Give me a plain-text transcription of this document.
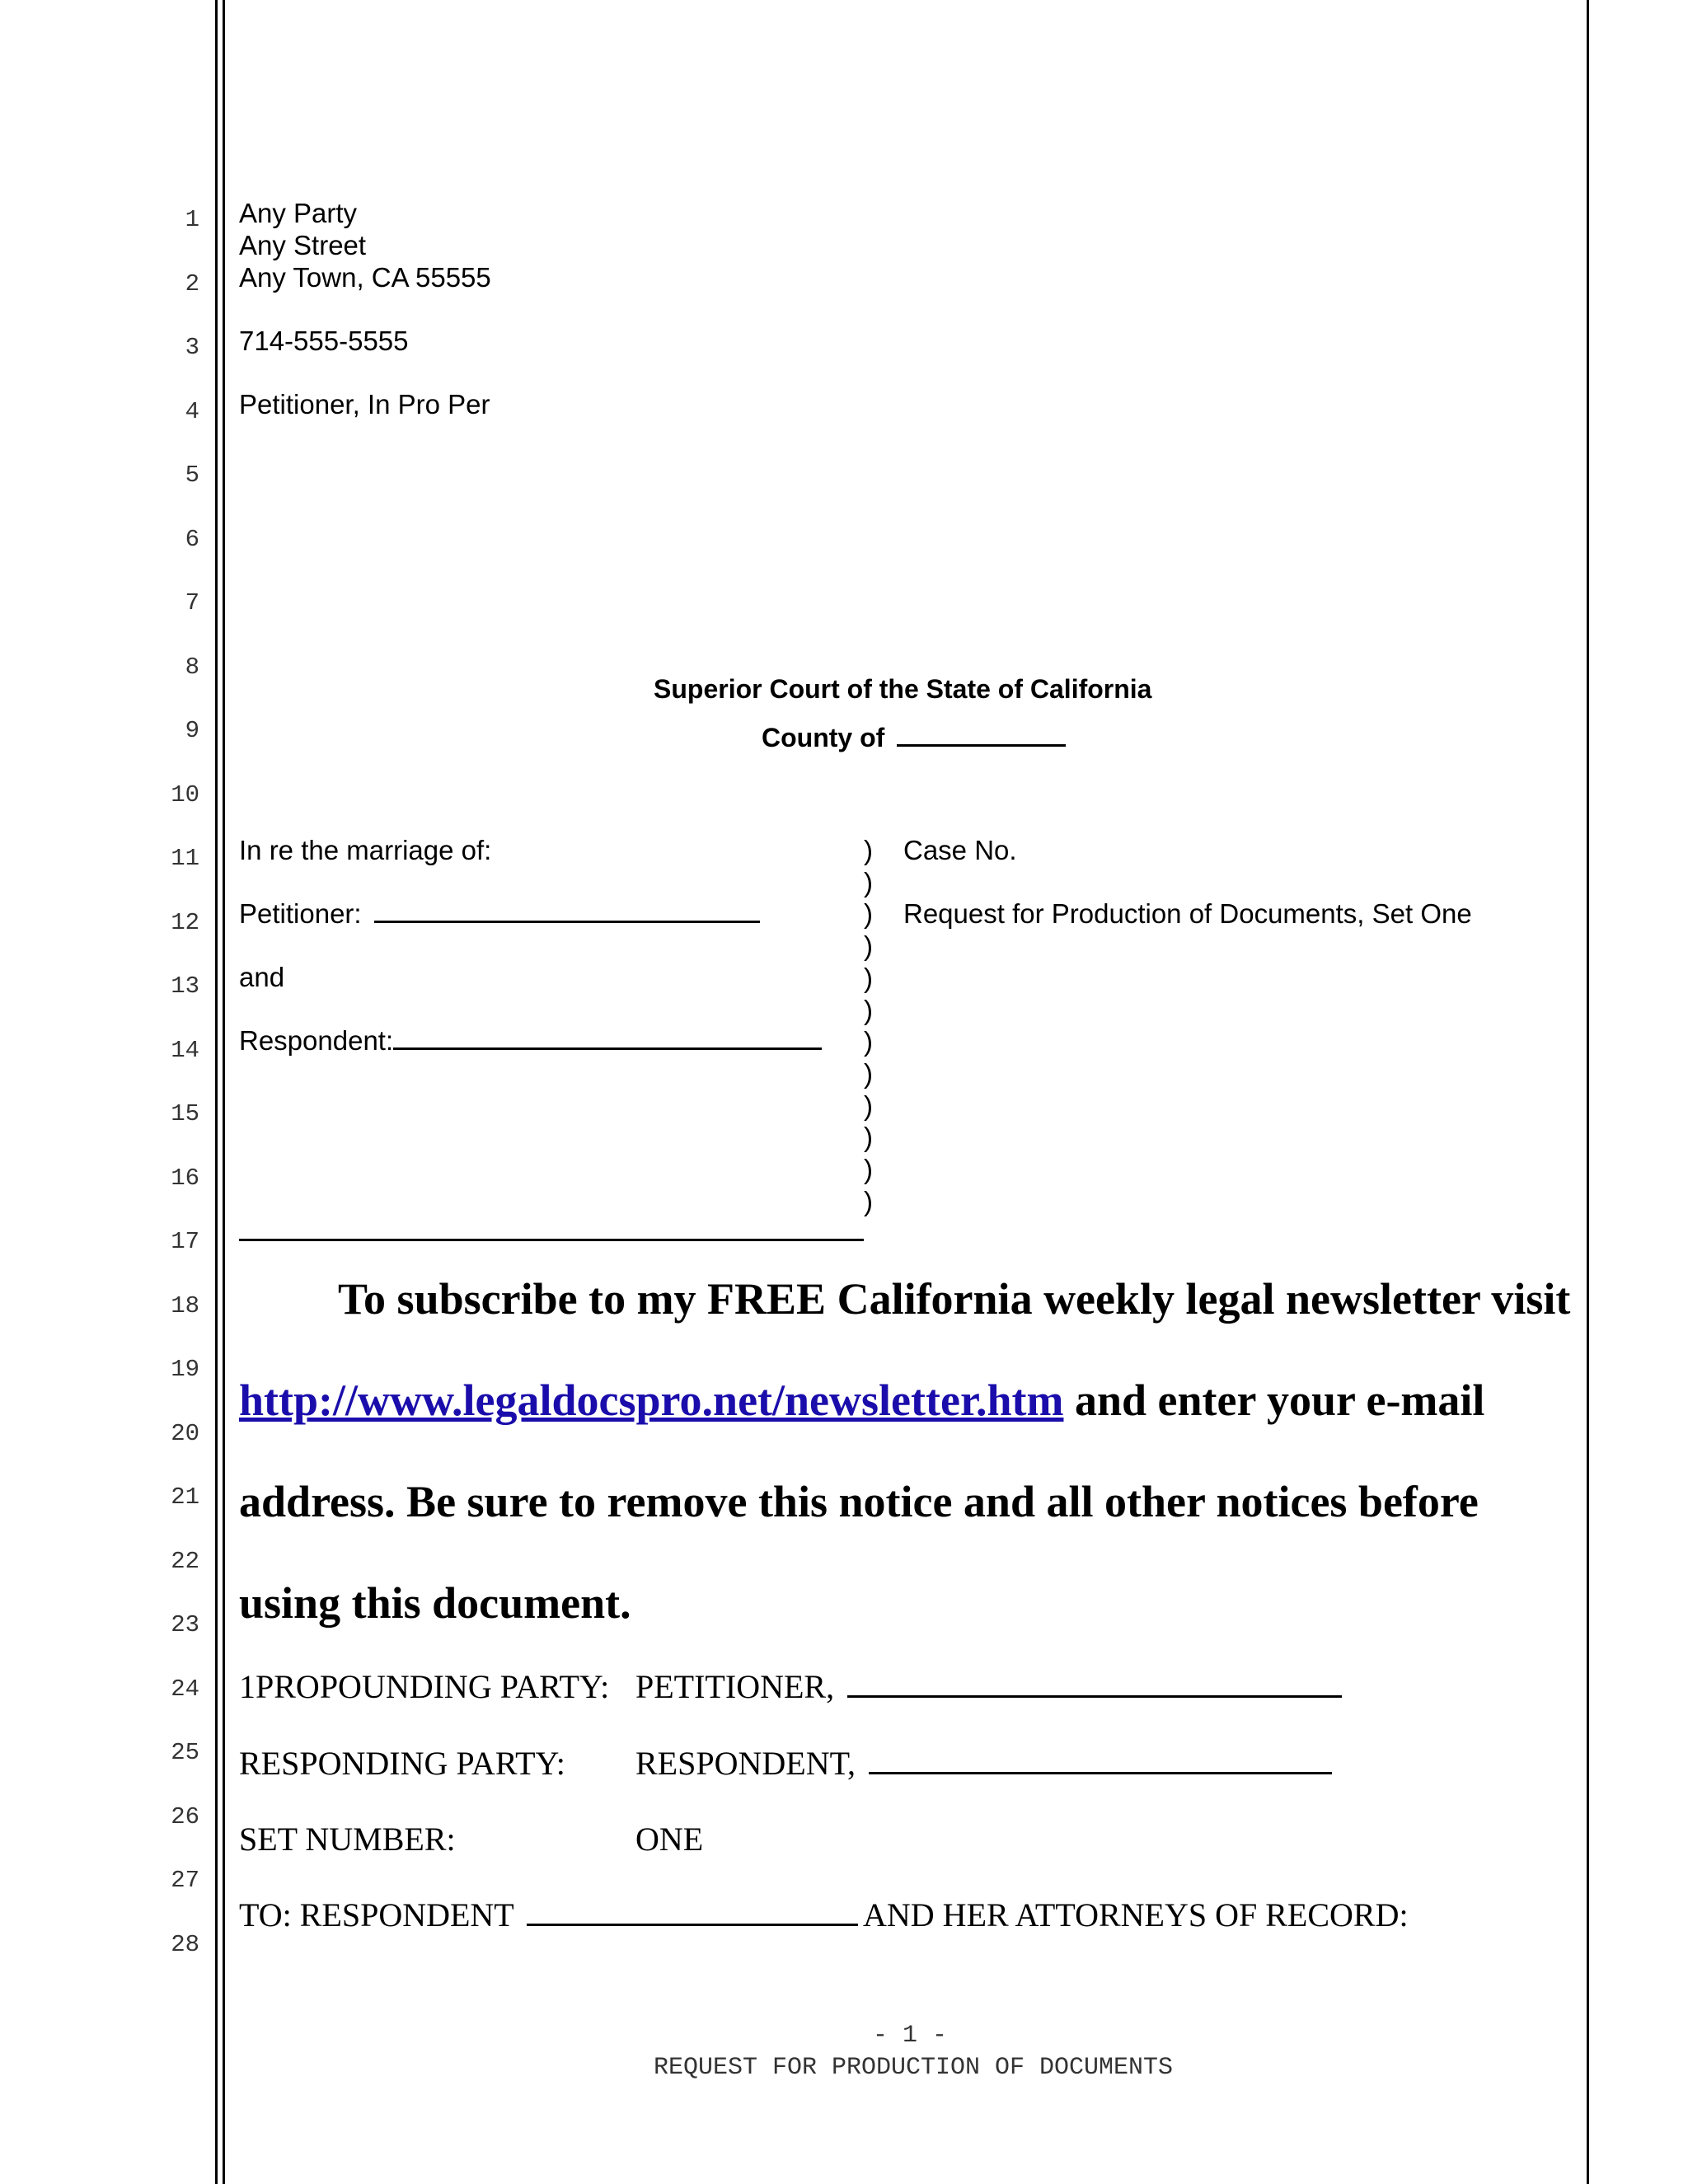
1
2
3
4
5
6
7
8
9
10
11
12
13
14
15
16
17
18
19
20
21
22
23
24
25
26
27
28
Any Party
Any Street
Any Town, CA 55555
714-555-5555
Petitioner, In Pro Per
Superior Court of the State of California
County of
In re the marriage of:
Petitioner:
and
Respondent:
)
)
)
)
)
)
)
)
)
)
)
)
Case No.
Request for Production of Documents, Set One
To subscribe to my FREE California weekly legal newsletter visit
http://www.legaldocspro.net/newsletter.htm and enter your e-mail
address. Be sure to remove this notice and all other notices before
using this document.
1PROPOUNDING PARTY: PETITIONER,
RESPONDING PARTY: RESPONDENT,
SET NUMBER:	ONE
TO: RESPONDENT	AND HER ATTORNEYS OF RECORD:
- 1 -
REQUEST FOR PRODUCTION OF DOCUMENTS
